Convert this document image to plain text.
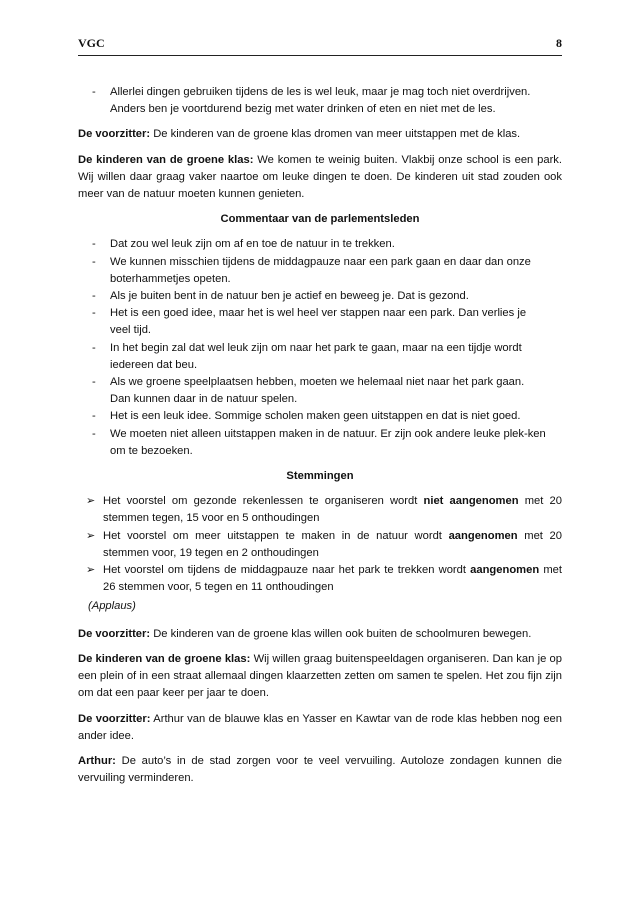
VGC	8
- Allerlei dingen gebruiken tijdens de les is wel leuk, maar je mag toch niet overdrijven. Anders ben je voortdurend bezig met water drinken of eten en niet met de les.

De voorzitter: De kinderen van de groene klas dromen van meer uitstappen met de klas.

De kinderen van de groene klas: We komen te weinig buiten. Vlakbij onze school is een park. Wij willen daar graag vaker naartoe om leuke dingen te doen. De kinderen uit stad zouden ook meer van de natuur moeten kunnen genieten.

Commentaar van de parlementsleden
- Dat zou wel leuk zijn om af en toe de natuur in te trekken.
- We kunnen misschien tijdens de middagpauze naar een park gaan en daar dan onze boterhammetjes opeten.
- Als je buiten bent in de natuur ben je actief en beweeg je. Dat is gezond.
- Het is een goed idee, maar het is wel heel ver stappen naar een park. Dan verlies je veel tijd.
- In het begin zal dat wel leuk zijn om naar het park te gaan, maar na een tijdje wordt iedereen dat beu.
- Als we groene speelplaatsen hebben, moeten we helemaal niet naar het park gaan. Dan kunnen daar in de natuur spelen.
- Het is een leuk idee. Sommige scholen maken geen uitstappen en dat is niet goed.
- We moeten niet alleen uitstappen maken in de natuur. Er zijn ook andere leuke plek-ken om te bezoeken.
Stemmingen
➢ Het voorstel om gezonde rekenlessen te organiseren wordt niet aangenomen met 20 stemmen tegen, 15 voor en 5 onthoudingen
➢ Het voorstel om meer uitstappen te maken in de natuur wordt aangenomen met 20 stemmen voor, 19 tegen en 2 onthoudingen
➢ Het voorstel om tijdens de middagpauze naar het park te trekken wordt aangenomen met 26 stemmen voor, 5 tegen en 11 onthoudingen
(Applaus)

De voorzitter: De kinderen van de groene klas willen ook buiten de schoolmuren bewegen.

De kinderen van de groene klas: Wij willen graag buitenspeeldagen organiseren. Dan kan je op een plein of in een straat allemaal dingen klaarzetten zetten om samen te spelen. Het zou fijn zijn om dat een paar keer per jaar te doen.

De voorzitter: Arthur van de blauwe klas en Yasser en Kawtar van de rode klas hebben nog een ander idee.

Arthur: De auto’s in de stad zorgen voor te veel vervuiling. Autoloze zondagen kunnen die vervuiling verminderen.
